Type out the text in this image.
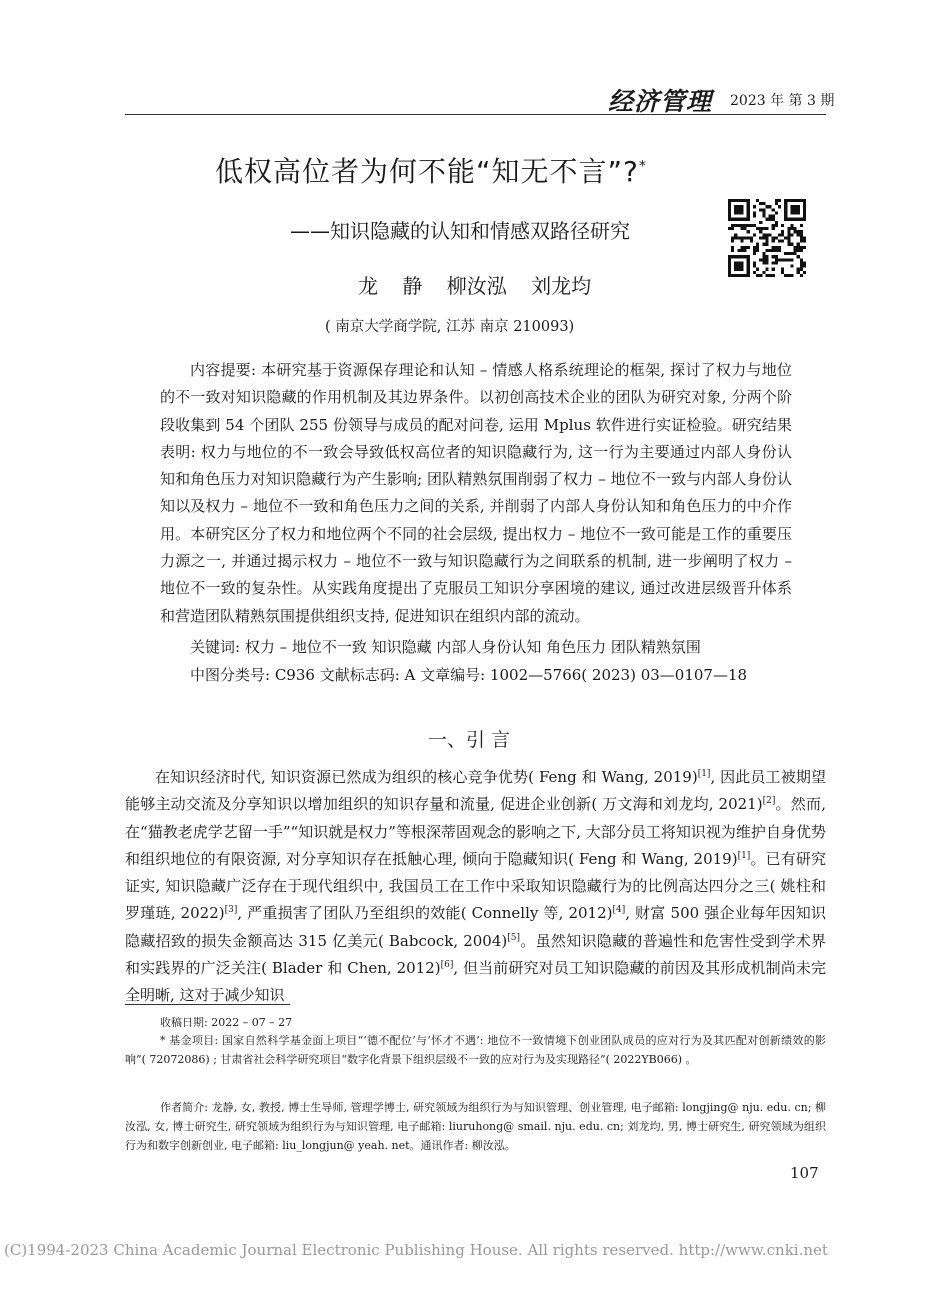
经济管理 2023 年 第 3 期
低权高位者为何不能“知无不言”?*
——知识隐藏的认知和情感双路径研究
龙 静 柳汝泓 刘龙均
( 南京大学商学院, 江苏 南京 210093)
内容提要: 本研究基于资源保存理论和认知 – 情感人格系统理论的框架, 探讨了权力与地位的不一致对知识隐藏的作用机制及其边界条件。以初创高技术企业的团队为研究对象, 分两个阶段收集到 54 个团队 255 份领导与成员的配对问卷, 运用 Mplus 软件进行实证检验。研究结果表明: 权力与地位的不一致会导致低权高位者的知识隐藏行为, 这一行为主要通过内部人身份认知和角色压力对知识隐藏行为产生影响; 团队精熟氛围削弱了权力 – 地位不一致与内部人身份认知以及权力 – 地位不一致和角色压力之间的关系, 并削弱了内部人身份认知和角色压力的中介作用。本研究区分了权力和地位两个不同的社会层级, 提出权力 – 地位不一致可能是工作的重要压力源之一, 并通过揭示权力 – 地位不一致与知识隐藏行为之间联系的机制, 进一步阐明了权力 – 地位不一致的复杂性。从实践角度提出了克服员工知识分享困境的建议, 通过改进层级晋升体系和营造团队精熟氛围提供组织支持, 促进知识在组织内部的流动。
关键词: 权力 – 地位不一致 知识隐藏 内部人身份认知 角色压力 团队精熟氛围
中图分类号: C936 文献标志码: A 文章编号: 1002—5766( 2023) 03—0107—18
一、引 言
在知识经济时代, 知识资源已然成为组织的核心竞争优势( Feng 和 Wang, 2019)[1], 因此员工被期望能够主动交流及分享知识以增加组织的知识存量和流量, 促进企业创新( 万文海和刘龙均, 2021)[2]。然而, 在“猫教老虎学艺留一手”“知识就是权力”等根深蒂固观念的影响之下, 大部分员工将知识视为维护自身优势和组织地位的有限资源, 对分享知识存在抵触心理, 倾向于隐藏知识( Feng 和 Wang, 2019)[1]。已有研究证实, 知识隐藏广泛存在于现代组织中, 我国员工在工作中采取知识隐藏行为的比例高达四分之三( 姚柱和罗瑾琏, 2022)[3], 严重损害了团队乃至组织的效能( Connelly 等, 2012)[4], 财富 500 强企业每年因知识隐藏招致的损失金额高达 315 亿美元( Babcock, 2004)[5]。虽然知识隐藏的普遍性和危害性受到学术界和实践界的广泛关注( Blader 和 Chen, 2012)[6], 但当前研究对员工知识隐藏的前因及其形成机制尚未完全明晰, 这对于减少知识
收稿日期: 2022 – 07 – 27
* 基金项目: 国家自然科学基金面上项目“‘德不配位’与‘怀才不遇’: 地位不一致情境下创业团队成员的应对行为及其匹配对创新绩效的影响”( 72072086) ; 甘肃省社会科学研究项目“数字化背景下组织层级不一致的应对行为及实现路径”( 2022YB066) 。
作者简介: 龙静, 女, 教授, 博士生导师, 管理学博士, 研究领域为组织行为与知识管理、创业管理, 电子邮箱: longjing@ nju. edu. cn; 柳汝泓, 女, 博士研究生, 研究领域为组织行为与知识管理, 电子邮箱: liuruhong@ smail. nju. edu. cn; 刘龙均, 男, 博士研究生, 研究领域为组织行为和数字创新创业, 电子邮箱: liu_longjun@ yeah. net。通讯作者: 柳汝泓。
107
(C)1994-2023 China Academic Journal Electronic Publishing House. All rights reserved. http://www.cnki.net
